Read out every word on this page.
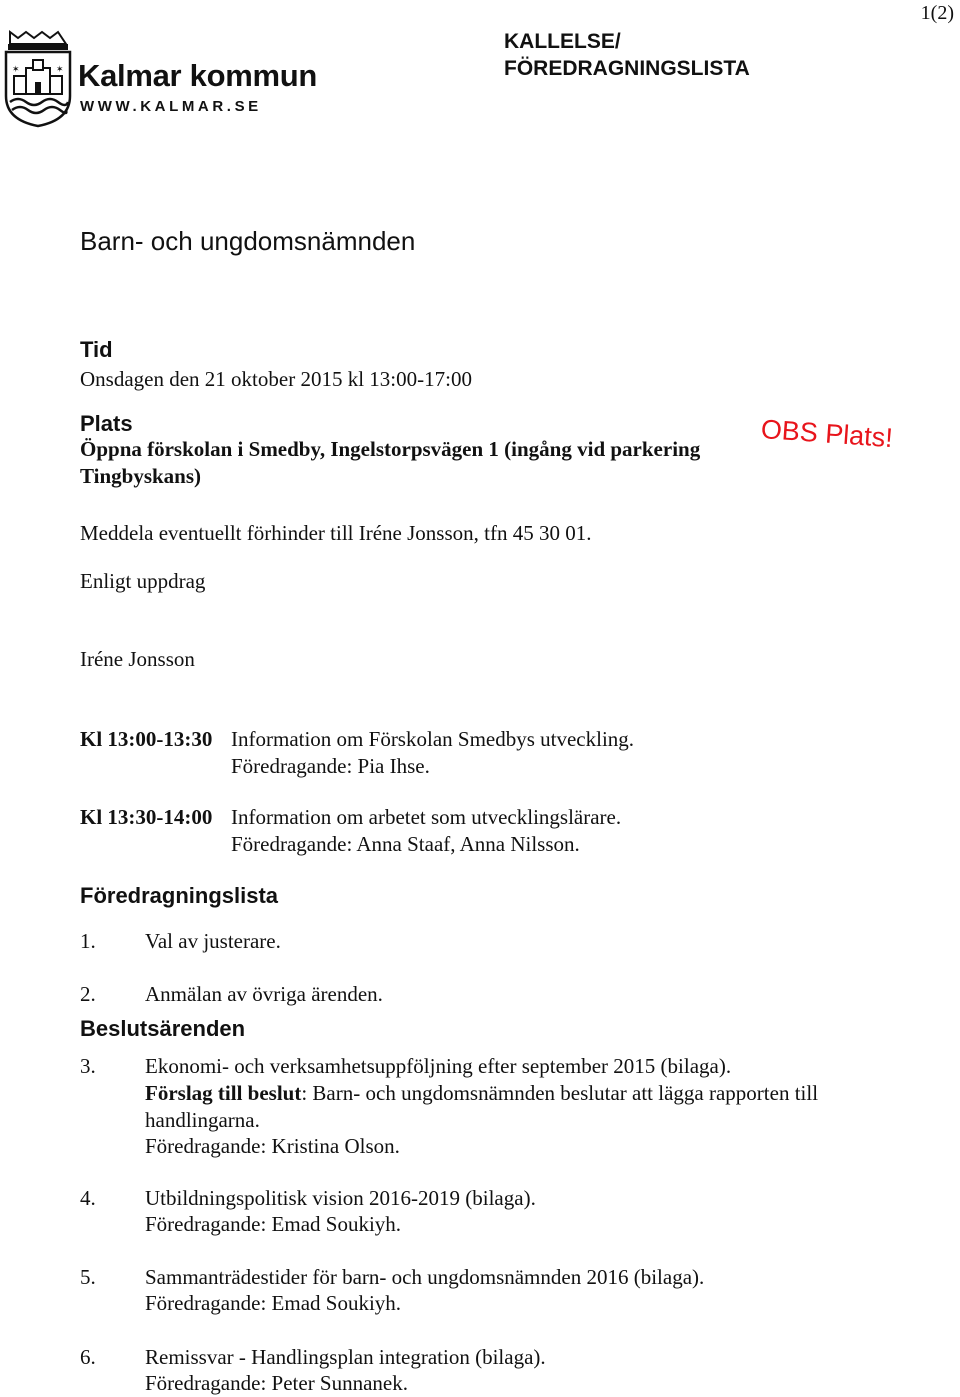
1(2)
✶	✶ Kalmar kommun
WWW.KALMAR.SE
KALLELSE/
FÖREDRAGNINGSLISTA
Barn- och ungdomsnämnden
Tid
Onsdagen den 21 oktober 2015 kl 13:00-17:00
Plats
Öppna förskolan i Smedby, Ingelstorpsvägen 1 (ingång vid parkering
Tingbyskans)
OBS Plats!
Meddela eventuellt förhinder till Iréne Jonsson, tfn 45 30 01.
Enligt uppdrag
Iréne Jonsson
Kl 13:00-13:30 Information om Förskolan Smedbys utveckling.
Föredragande: Pia Ihse.
Kl 13:30-14:00 Information om arbetet som utvecklingslärare.
Föredragande: Anna Staaf, Anna Nilsson.
Föredragningslista
1. Val av justerare.
2. Anmälan av övriga ärenden.
Beslutsärenden
3. Ekonomi- och verksamhetsuppföljning efter september 2015 (bilaga).
Förslag till beslut: Barn- och ungdomsnämnden beslutar att lägga rapporten till
handlingarna.
Föredragande: Kristina Olson.
4. Utbildningspolitisk vision 2016-2019 (bilaga).
Föredragande: Emad Soukiyh.
5. Sammanträdestider för barn- och ungdomsnämnden 2016 (bilaga).
Föredragande: Emad Soukiyh.
6. Remissvar - Handlingsplan integration (bilaga).
Föredragande: Peter Sunnanek.
